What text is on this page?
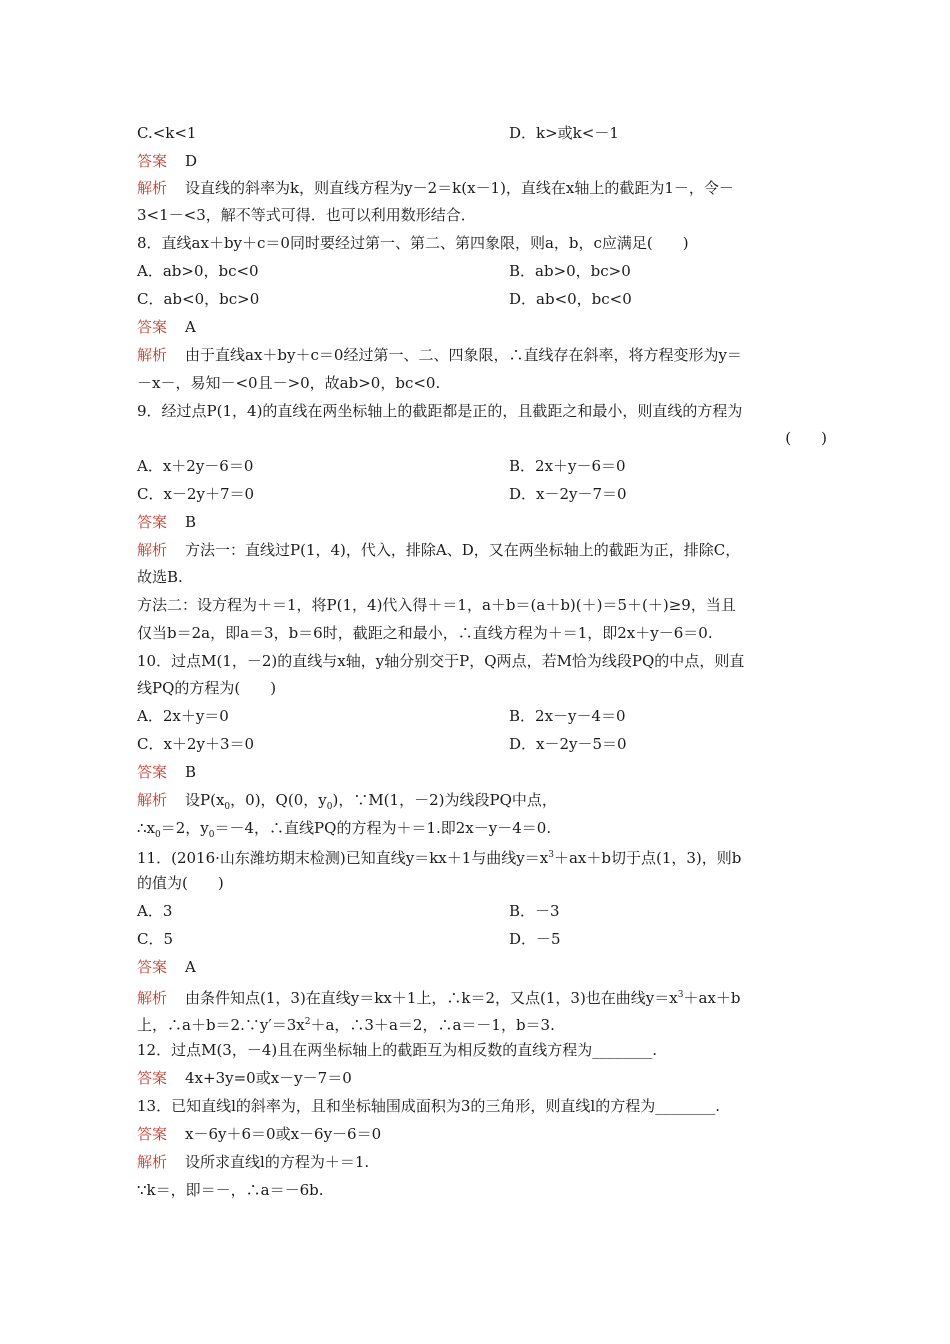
C.<k<1	D．k>或k<－1
答案 D
解析 设直线的斜率为k，则直线方程为y－2＝k(x－1)，直线在x轴上的截距为1－，令－
3<1－<3，解不等式可得．也可以利用数形结合．
8．直线ax＋by＋c＝0同时要经过第一、第二、第四象限，则a，b，c应满足(　　)
A．ab>0，bc<0	B．ab>0，bc>0
C．ab<0，bc>0	D．ab<0，bc<0
答案 A
解析 由于直线ax＋by＋c＝0经过第一、二、四象限，∴直线存在斜率，将方程变形为y＝
－x－，易知－<0且－>0，故ab>0，bc<0.
9．经过点P(1，4)的直线在两坐标轴上的截距都是正的，且截距之和最小，则直线的方程为
(　　)
A．x＋2y－6＝0	B．2x＋y－6＝0
C．x－2y＋7＝0	D．x－2y－7＝0
答案 B
解析 方法一：直线过P(1，4)，代入，排除A、D，又在两坐标轴上的截距为正，排除C，
故选B.
方法二：设方程为＋＝1，将P(1，4)代入得＋＝1，a＋b＝(a＋b)(＋)＝5＋(＋)≥9，当且
仅当b＝2a，即a＝3，b＝6时，截距之和最小，∴直线方程为＋＝1，即2x＋y－6＝0.
10．过点M(1，－2)的直线与x轴，y轴分别交于P，Q两点，若M恰为线段PQ的中点，则直
线PQ的方程为(　　)
A．2x＋y＝0	B．2x－y－4＝0
C．x＋2y＋3＝0	D．x－2y－5＝0
答案 B
解析 设$P(x_0$，0)，Q(0，$y_0$)，∵M(1，－2)为线段PQ中点，
$\therefore x_0=2$，$y_0=-4$，∴直线PQ的方程为＋＝1.即2x－y－4＝0.
11．(2016·山东潍坊期末检测)已知直线y＝kx＋1与曲线$y=x^3+ax+b$切于点(1，3)，则b
的值为(　　)
A．3	B．－3
C．5	D．－5
答案 A
解析 由条件知点(1，3)在直线y＝kx＋1上，∴k＝2，又点(1，3)也在曲线$y=x^3+ax+b$
上，$\therefore a+b=2.\because y'=3x^2+a$，∴3＋a＝2，∴a＝－1，b＝3.
12．过点M(3，－4)且在两坐标轴上的截距互为相反数的直线方程为________.
答案 4x+3y=0或x－y－7＝0
13．已知直线l的斜率为，且和坐标轴围成面积为3的三角形，则直线l的方程为________.
答案 x－6y＋6＝0或x－6y－6＝0
解析 设所求直线l的方程为＋＝1.
∵k＝，即＝－，∴a＝－6b.
